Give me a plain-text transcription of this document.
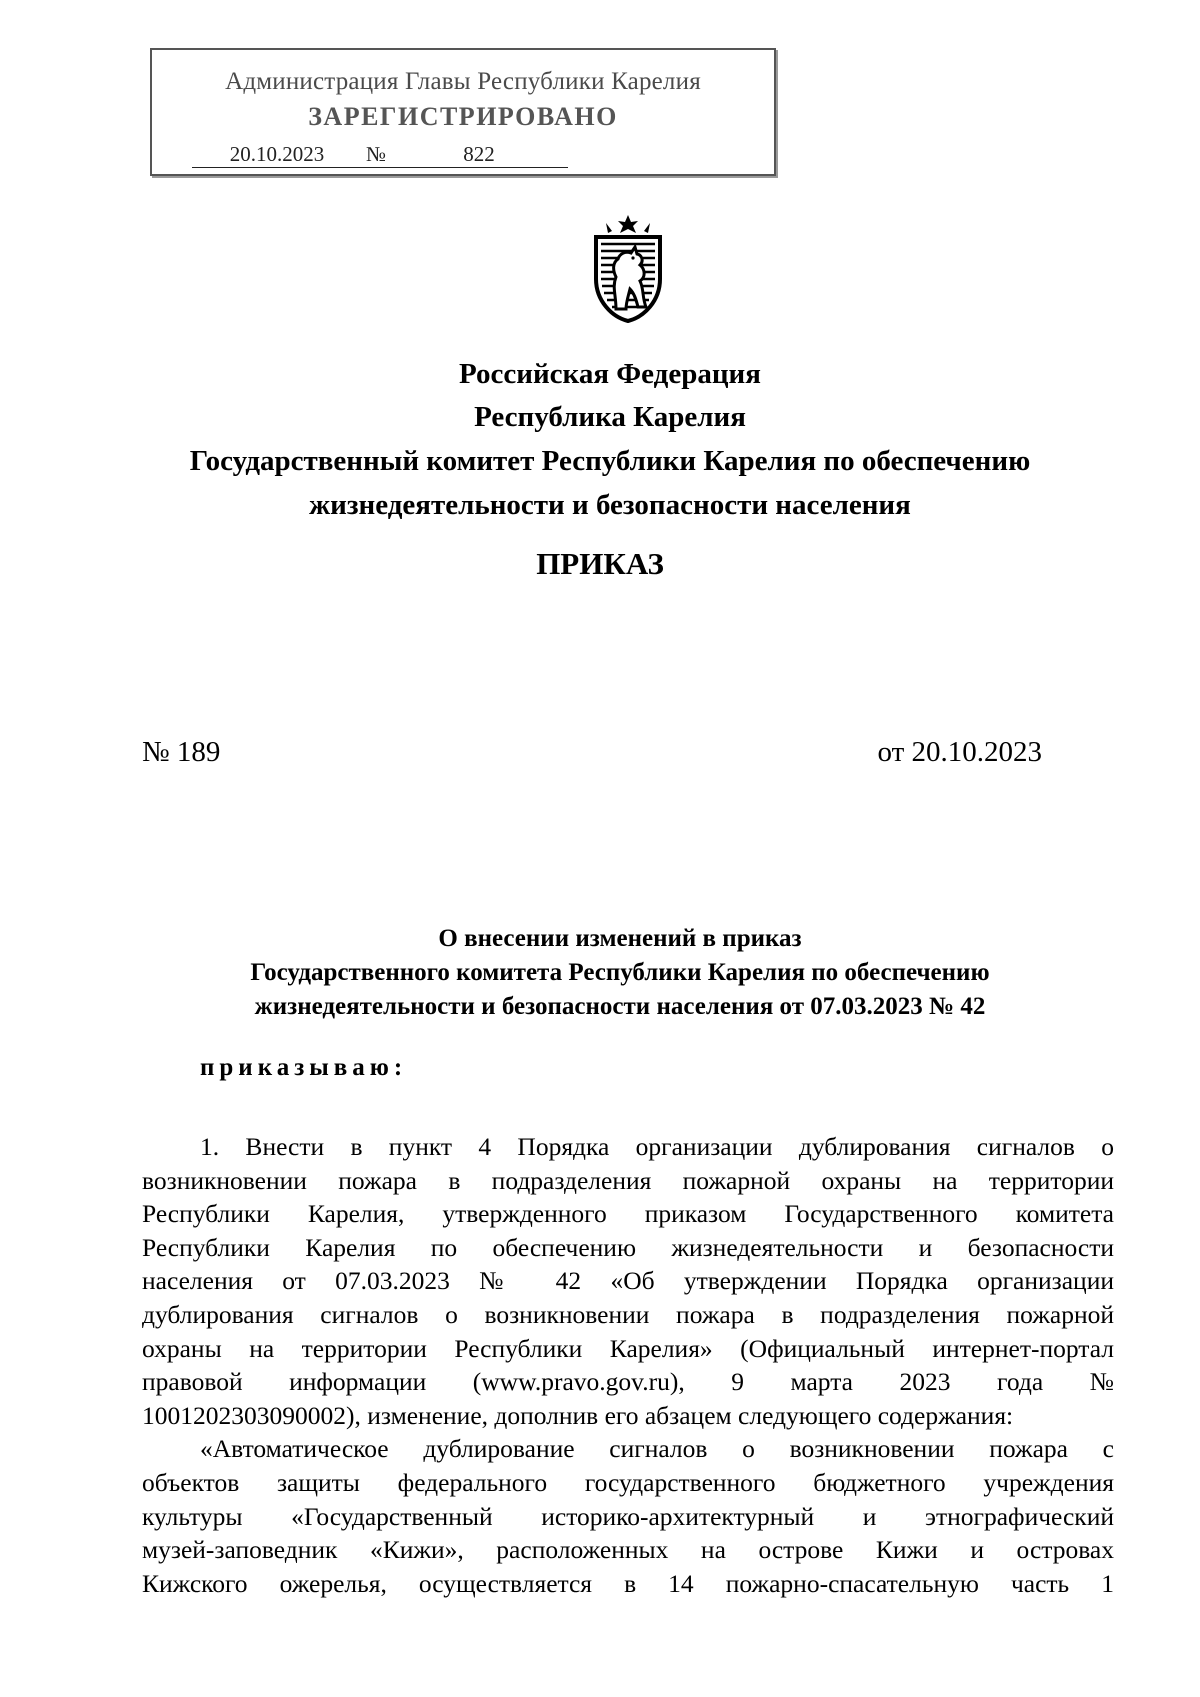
Администрация Главы Республики Карелия
ЗАРЕГИСТРИРОВАНО
20.10.2023 №	822
Российская Федерация
Республика Карелия
Государственный комитет Республики Карелия по обеспечению
жизнедеятельности и безопасности населения
ПРИКАЗ
№ 189	от 20.10.2023
О внесении изменений в приказ
Государственного комитета Республики Карелия по обеспечению
жизнедеятельности и безопасности населения от 07.03.2023 № 42
приказываю:
1. Внести в пункт 4 Порядка организации дублирования сигналов о
возникновении пожара в подразделения пожарной охраны на территории
Республики Карелия, утвержденного приказом Государственного комитета
Республики Карелия по обеспечению жизнедеятельности и безопасности
населения от 07.03.2023 № 42 «Об утверждении Порядка организации
дублирования сигналов о возникновении пожара в подразделения пожарной
охраны на территории Республики Карелия» (Официальный интернет-портал
правовой информации (www.pravo.gov.ru), 9 марта 2023 года №
1001202303090002), изменение, дополнив его абзацем следующего содержания:
«Автоматическое дублирование сигналов о возникновении пожара с
объектов защиты федерального государственного бюджетного учреждения
культуры «Государственный историко-архитектурный и этнографический
музей-заповедник «Кижи», расположенных на острове Кижи и островах
Кижского ожерелья, осуществляется в 14 пожарно-спасательную часть 1
